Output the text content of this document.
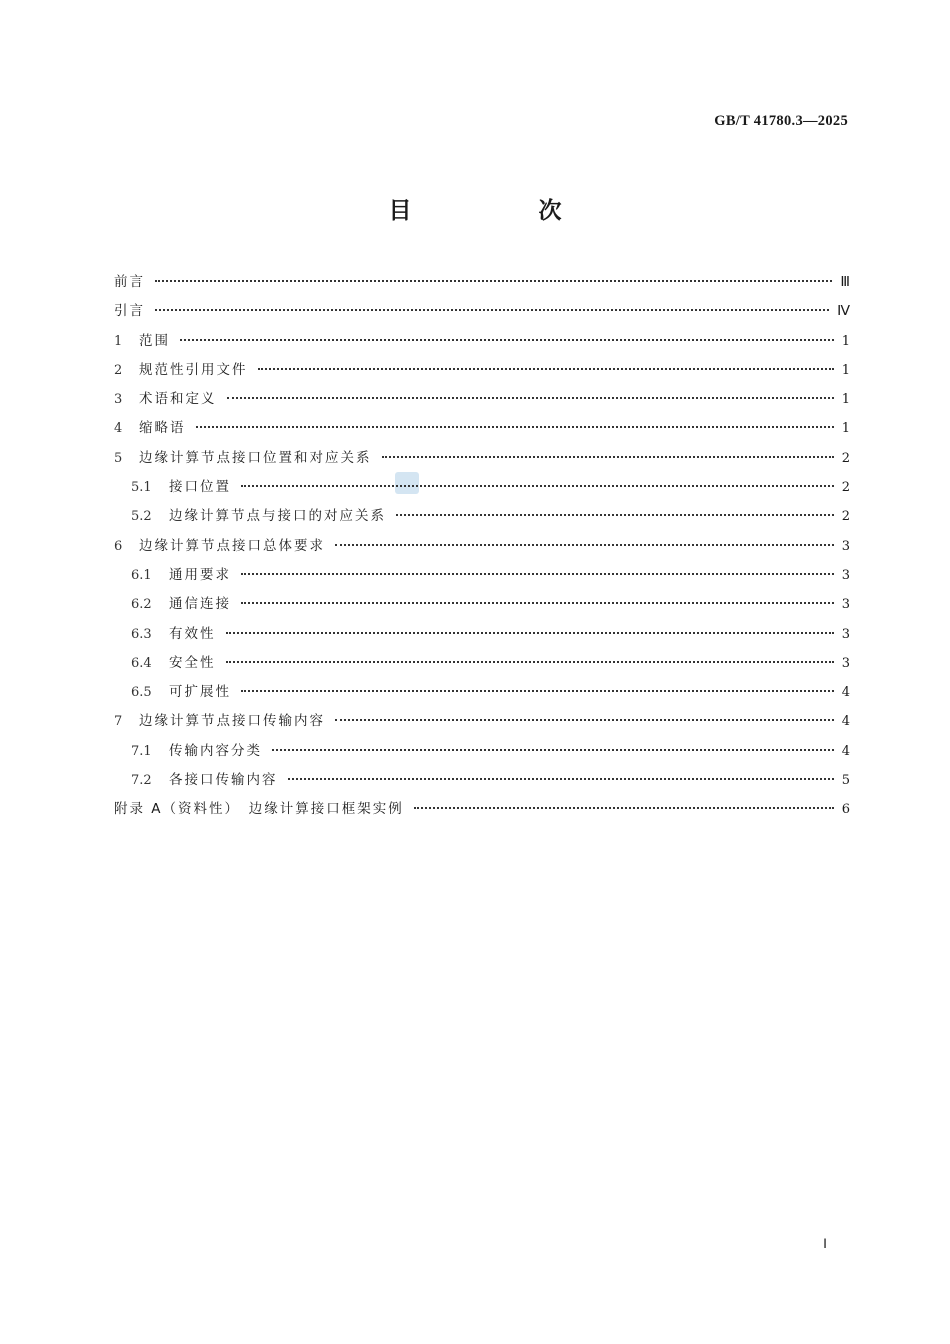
GB/T 41780.3—2025
目　次
前言	Ⅲ
引言	Ⅳ
1	范围	1
2	规范性引用文件	1
3	术语和定义	1
4	缩略语	1
5	边缘计算节点接口位置和对应关系	2
5.1	接口位置	2
5.2	边缘计算节点与接口的对应关系	2
6	边缘计算节点接口总体要求	3
6.1	通用要求	3
6.2	通信连接	3
6.3	有效性	3
6.4	安全性	3
6.5	可扩展性	4
7	边缘计算节点接口传输内容	4
7.1	传输内容分类	4
7.2	各接口传输内容	5
附录 A（资料性）　边缘计算接口框架实例	6
Ⅰ
